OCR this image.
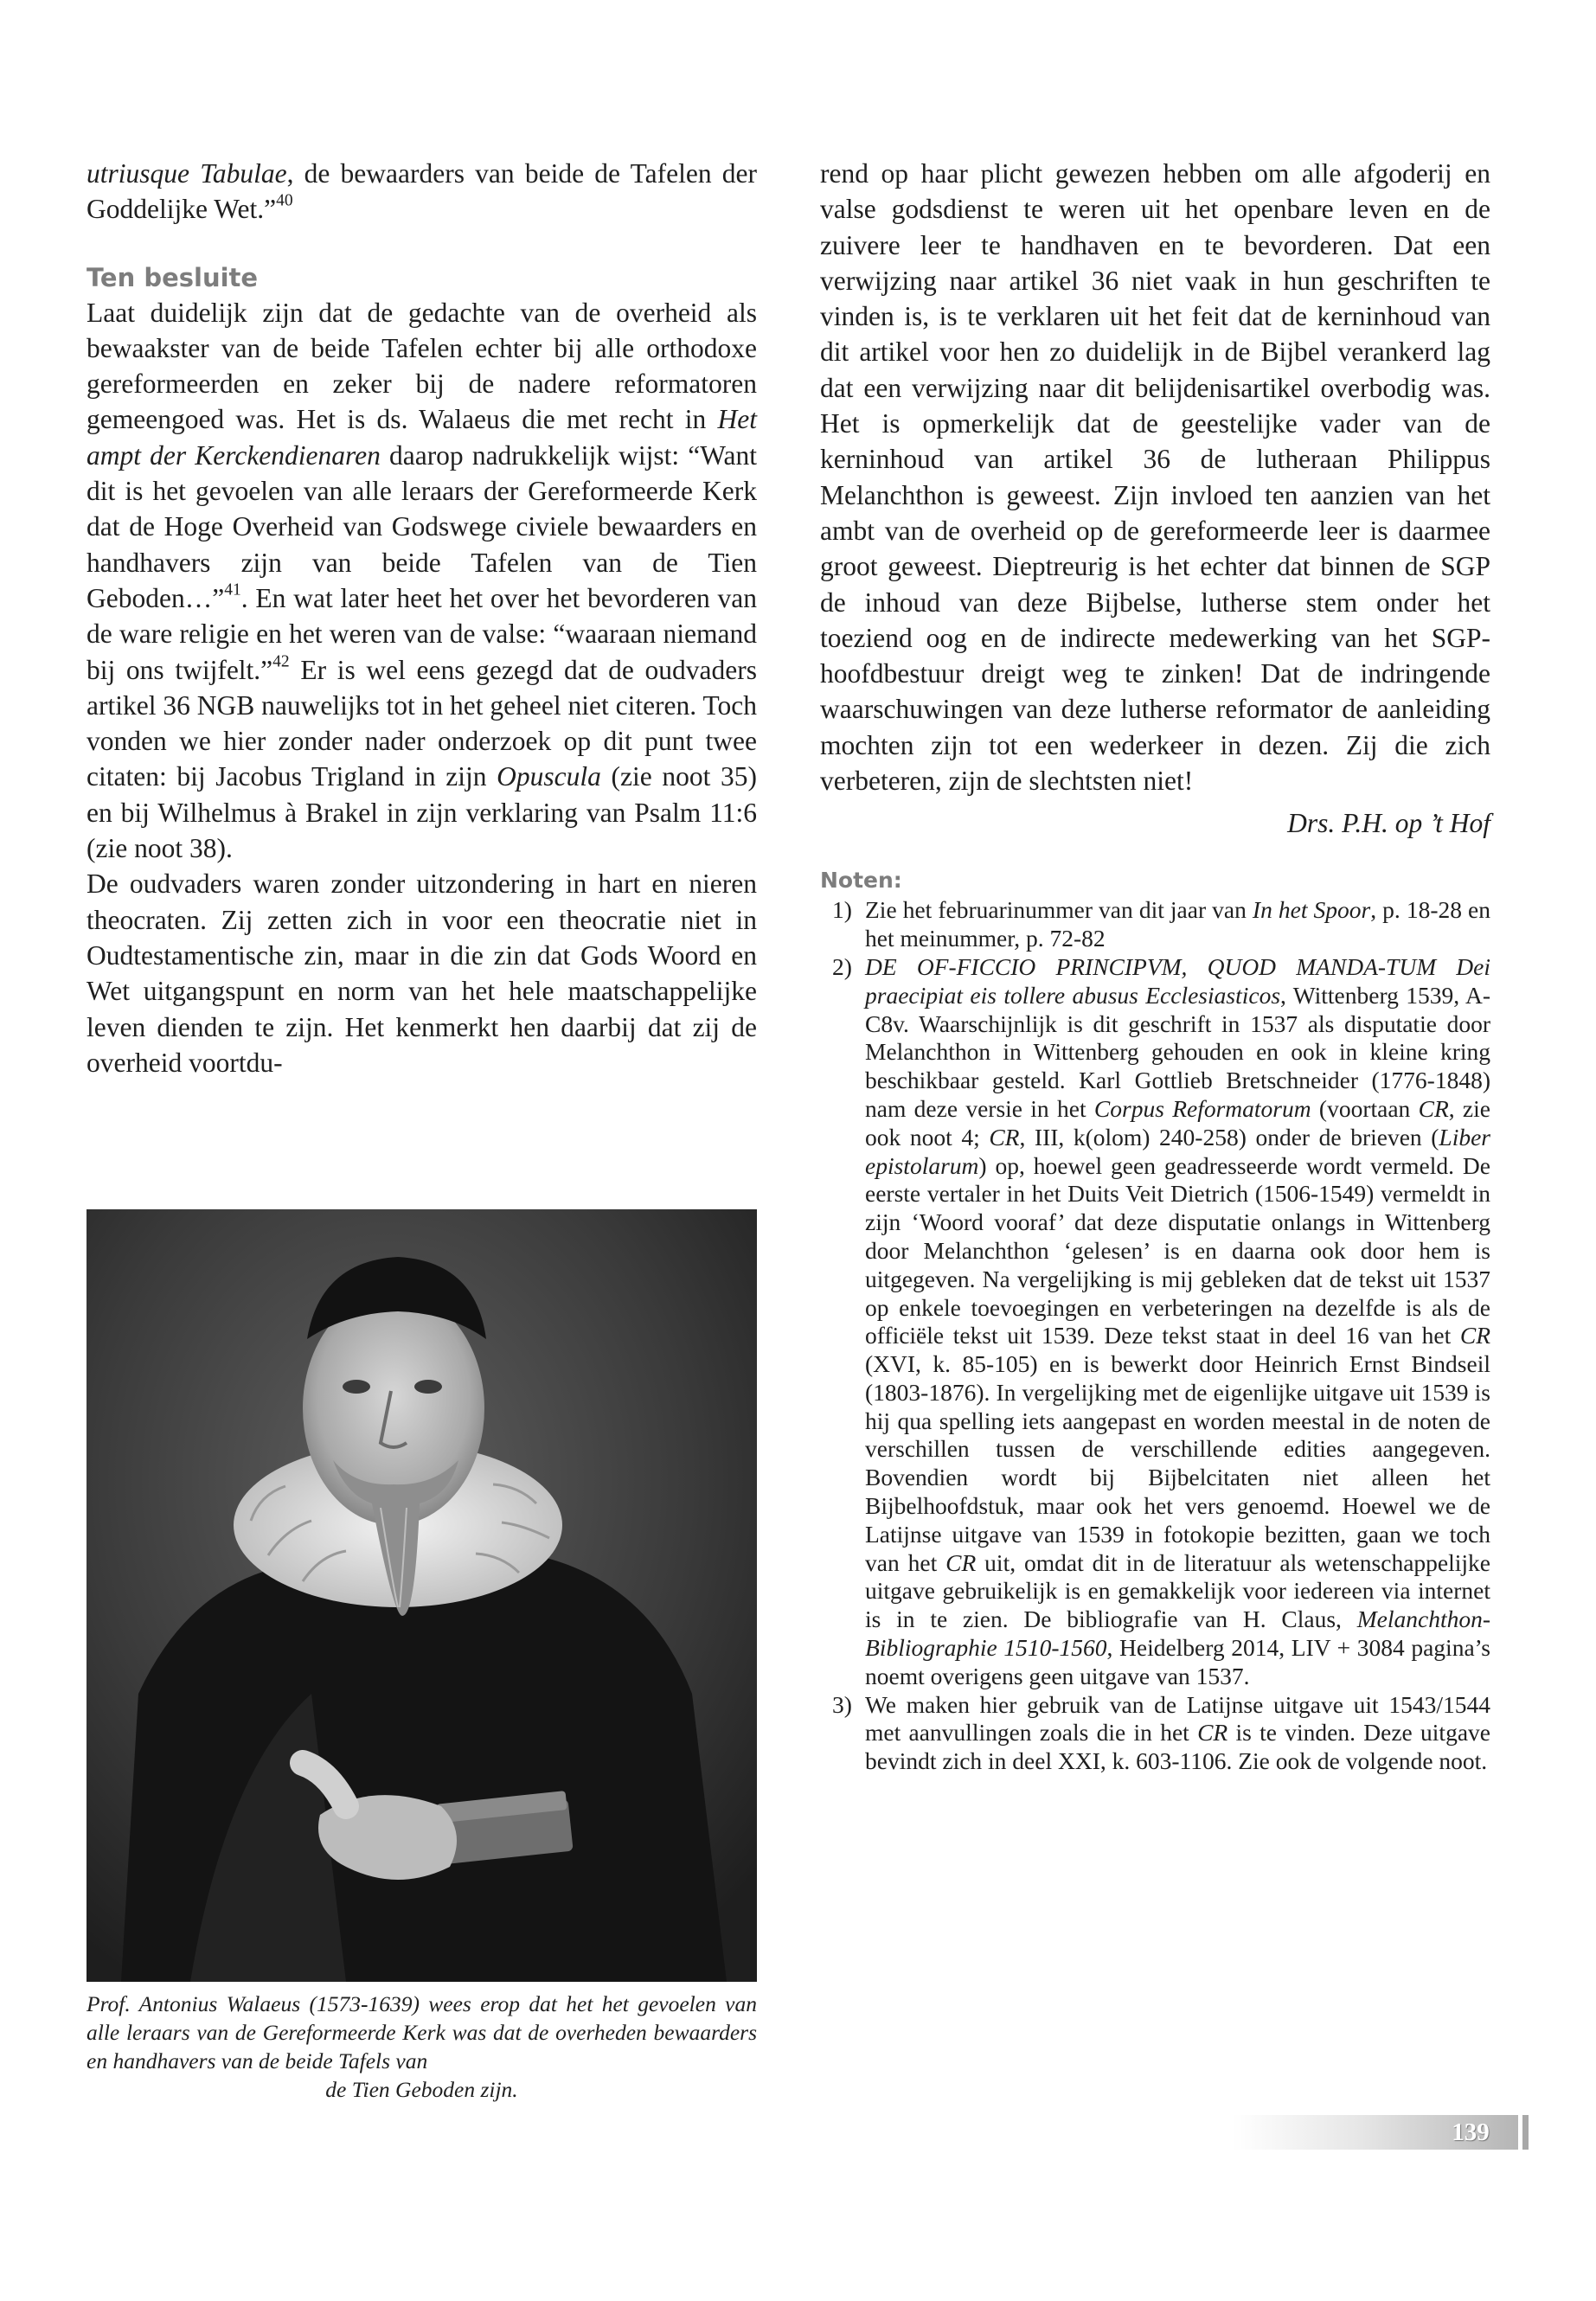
utriusque Tabulae, de bewaarders van beide de Tafelen der Goddelijke Wet.”$^{40}$

Ten besluite

Laat duidelijk zijn dat de gedachte van de overheid als bewaakster van de beide Tafelen echter bij alle orthodoxe gereformeerden en zeker bij de nadere reformatoren gemeengoed was. Het is ds. Walaeus die met recht in Het ampt der Kerckendienaren daarop nadrukkelijk wijst: “Want dit is het gevoelen van alle leraars der Gereformeerde Kerk dat de Hoge Overheid van Godswege civiele bewaarders en handhavers zijn van beide Tafelen van de Tien Geboden…”$^{41}$. En wat later heet het over het bevorderen van de ware religie en het weren van de valse: “waaraan niemand bij ons twijfelt.”$^{42}$ Er is wel eens gezegd dat de oudvaders artikel 36 NGB nauwelijks tot in het geheel niet citeren. Toch vonden we hier zonder nader onderzoek op dit punt twee citaten: bij Jacobus Trigland in zijn Opuscula (zie noot 35) en bij Wilhelmus à Brakel in zijn verklaring van Psalm 11:6 (zie noot 38).

De oudvaders waren zonder uitzondering in hart en nieren theocraten. Zij zetten zich in voor een theocratie niet in Oudtestamentische zin, maar in die zin dat Gods Woord en Wet uitgangspunt en norm van het hele maatschappelijke leven dienden te zijn. Het kenmerkt hen daarbij dat zij de overheid voortdu-

Prof. Antonius Walaeus (1573-1639) wees erop dat het het gevoelen van alle leraars van de Gereformeerde Kerk was dat de overheden bewaarders en handhavers van de beide Tafels van
de Tien Geboden zijn.

rend op haar plicht gewezen hebben om alle afgoderij en valse godsdienst te weren uit het openbare leven en de zuivere leer te handhaven en te bevorderen. Dat een verwijzing naar artikel 36 niet vaak in hun geschriften te vinden is, is te verklaren uit het feit dat de kerninhoud van dit artikel voor hen zo duidelijk in de Bijbel verankerd lag dat een verwijzing naar dit belijdenisartikel overbodig was. Het is opmerkelijk dat de geestelijke vader van de kerninhoud van artikel 36 de lutheraan Philippus Melanchthon is geweest. Zijn invloed ten aanzien van het ambt van de overheid op de gereformeerde leer is daarmee groot geweest. Dieptreurig is het echter dat binnen de SGP de inhoud van deze Bijbelse, lutherse stem onder het toeziend oog en de indirecte medewerking van het SGP-hoofdbestuur dreigt weg te zinken! Dat de indringende waarschuwingen van deze lutherse reformator de aanleiding mochten zijn tot een wederkeer in dezen. Zij die zich verbeteren, zijn de slechtsten niet!

Drs. P.H. op ’t Hof
Noten:
1) Zie het februarinummer van dit jaar van In het Spoor, p. 18-28 en het meinummer, p. 72-82
2) DE OF-FICCIO PRINCIPVM, QUOD MANDA-TUM Dei praecipiat eis tollere abusus Ecclesiasticos, Wittenberg 1539, A-C8v. Waarschijnlijk is dit geschrift in 1537 als disputatie door Melanchthon in Wittenberg gehouden en ook in kleine kring beschikbaar gesteld. Karl Gottlieb Bretschneider (1776-1848) nam deze versie in het Corpus Reformatorum (voortaan CR, zie ook noot 4; CR, III, k(olom) 240-258) onder de brieven (Liber epistolarum) op, hoewel geen geadresseerde wordt vermeld. De eerste vertaler in het Duits Veit Dietrich (1506-1549) vermeldt in zijn ‘Woord vooraf’ dat deze disputatie onlangs in Wittenberg door Melanchthon ‘gelesen’ is en daarna ook door hem is uitgegeven. Na vergelijking is mij gebleken dat de tekst uit 1537 op enkele toevoegingen en verbeteringen na dezelfde is als de officiële tekst uit 1539. Deze tekst staat in deel 16 van het CR (XVI, k. 85-105) en is bewerkt door Heinrich Ernst Bindseil (1803-1876). In vergelijking met de eigenlijke uitgave uit 1539 is hij qua spelling iets aangepast en worden meestal in de noten de verschillen tussen de verschillende edities aangegeven. Bovendien wordt bij Bijbelcitaten niet alleen het Bijbelhoofdstuk, maar ook het vers genoemd. Hoewel we de Latijnse uitgave van 1539 in fotokopie bezitten, gaan we toch van het CR uit, omdat dit in de literatuur als wetenschappelijke uitgave gebruikelijk is en gemakkelijk voor iedereen via internet is in te zien. De bibliografie van H. Claus, Melanchthon-Bibliographie 1510-1560, Heidelberg 2014, LIV + 3084 pagina’s noemt overigens geen uitgave van 1537.
3) We maken hier gebruik van de Latijnse uitgave uit 1543/1544 met aanvullingen zoals die in het CR is te vinden. Deze uitgave bevindt zich in deel XXI, k. 603-1106. Zie ook de volgende noot.
139
